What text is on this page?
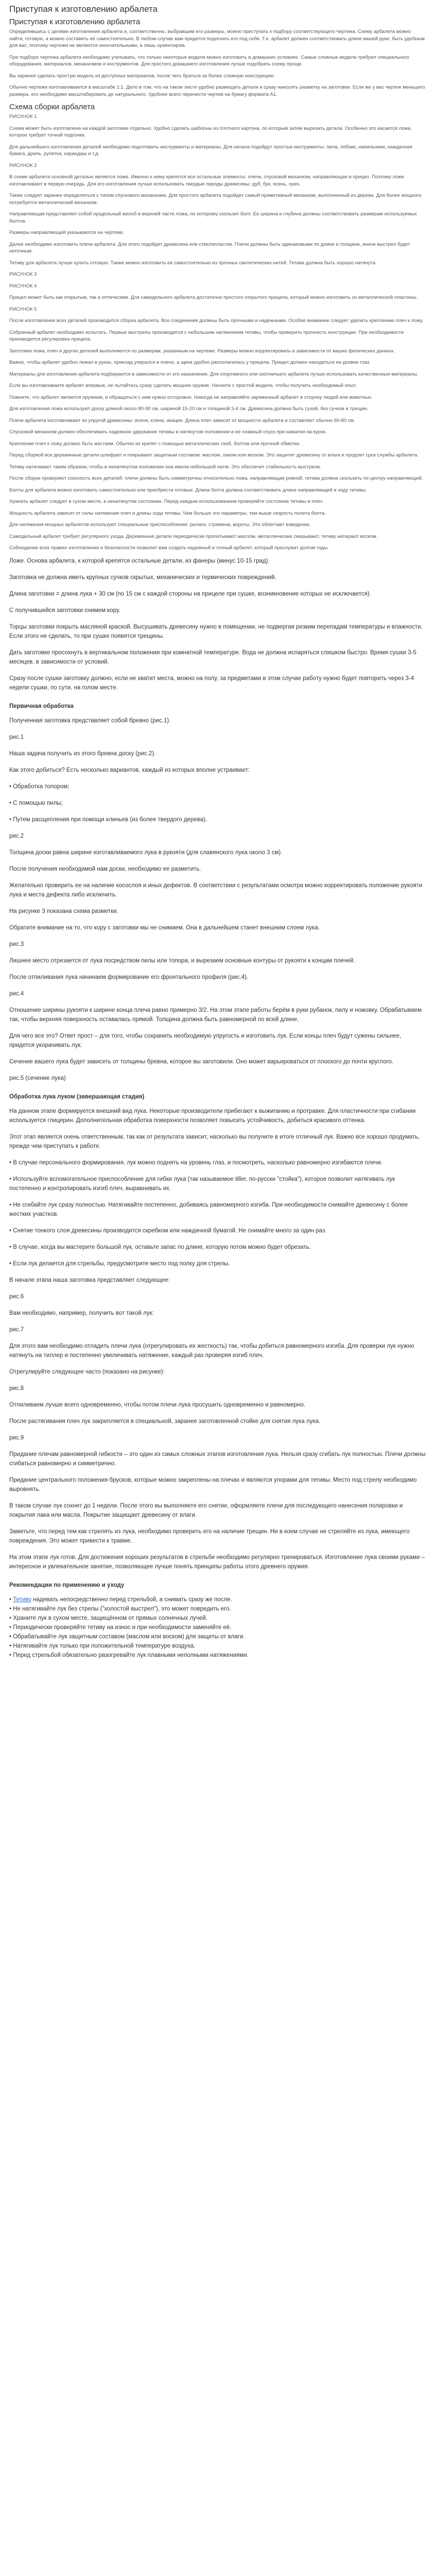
Приступая к изготовлению арбалета
Приступая к изготовлению арбалета

Определившись с целями изготовления арбалета и, соответственно, выбравшим его размеры, можно приступать к подбору соответствующего чертежа. Схему арбалета можно найти, готовую, а можно составить её самостоятельно. В любом случае вам придется подогнать его под себя. Т.е. арбалет должен соответствовать длине вашей руки, быть удобным для вас, поэтому чертежи не являются окончательными, а лишь ориентиром.

При подборе чертежа арбалета необходимо учитывать, что только некоторые модели можно изготовить в домашних условиях. Самые сложные модели требуют специального оборудования, материалов, механизмов и инструментов. Для простого домашнего изготовления лучше подобрать схему проще.

Вы заранее сделать простую модель из доступных материалов, после чего браться за более сложную конструкцию.

Обычно чертежи изготавливаются в масштабе 1:1. Дело в том, что на таком листе удобно размещать детали и сразу наносить разметку на заготовки. Если же у вас чертеж меньшего размера, его необходимо масштабировать до натурального. Удобнее всего перенести чертеж на бумагу формата А1.

Схема сборки арбалета

РИСУНОК 1

Схема может быть изготовлена на каждой заготовке отдельно. Удобно сделать шаблоны из плотного картона, по которым затем вырезать детали. Особенно это касается ложа, которое требует точной подгонки.

Для дальнейшего изготовления деталей необходимо подготовить инструменты и материалы. Для начала подойдут простые инструменты: пила, лобзик, напильники, наждачная бумага, дрель, рулетка, карандаш и т.д.

РИСУНОК 2

В схеме арбалета основной деталью является ложе. Именно к нему крепятся все остальные элементы: плечи, спусковой механизм, направляющая и прицел. Поэтому ложе изготавливают в первую очередь. Для его изготовления лучше использовать твердые породы древесины: дуб, бук, ясень, орех.

Также следует заранее определиться с типом спускового механизма. Для простого арбалета подойдет самый примитивный механизм, выполненный из дерева. Для более мощного потребуется металлический механизм.

Направляющая представляет собой продольный желоб в верхней части ложа, по которому скользит болт. Ее ширина и глубина должны соответствовать размерам используемых болтов.

Размеры направляющей указываются на чертеже.

Далее необходимо изготовить плечи арбалета. Для этого подойдет древесина или стеклопластик. Плечи должны быть одинаковыми по длине и толщине, иначе выстрел будет неточным.

Тетиву для арбалета лучше купить готовую. Также можно изготовить ее самостоятельно из прочных синтетических нитей. Тетива должна быть хорошо натянута.

РИСУНОК 3

РИСУНОК 4

Прицел может быть как открытым, так и оптическим. Для самодельного арбалета достаточно простого открытого прицела, который можно изготовить из металлической пластины.

РИСУНОК 5

После изготовления всех деталей производится сборка арбалета. Все соединения должны быть прочными и надежными. Особое внимание следует уделить креплению плеч к ложу.

Собранный арбалет необходимо испытать. Первые выстрелы производятся с небольшим натяжением тетивы, чтобы проверить прочность конструкции. При необходимости производится регулировка прицела.

Заготовки ложа, плеч и других деталей выполняются по размерам, указанным на чертеже. Размеры можно корректировать в зависимости от ваших физических данных.

Важно, чтобы арбалет удобно лежал в руках, приклад упирался в плечо, а щека удобно располагалась у прицела. Прицел должен находиться на уровне глаз.

Материалы для изготовления арбалета подбираются в зависимости от его назначения. Для спортивного или охотничьего арбалета лучше использовать качественные материалы.

Если вы изготавливаете арбалет впервые, не пытайтесь сразу сделать мощное оружие. Начните с простой модели, чтобы получить необходимый опыт.

Помните, что арбалет является оружием, и обращаться с ним нужно осторожно. Никогда не направляйте заряженный арбалет в сторону людей или животных.

Для изготовления ложа используют доску длиной около 80-90 см, шириной 15-20 см и толщиной 3-4 см. Древесина должна быть сухой, без сучков и трещин.

Плечи арбалета изготавливают из упругой древесины: ясеня, клена, акации. Длина плеч зависит от мощности арбалета и составляет обычно 60-80 см.

Спусковой механизм должен обеспечивать надежное удержание тетивы в натянутом положении и ее плавный спуск при нажатии на курок.

Крепление плеч к ложу должно быть жестким. Обычно их крепят с помощью металлических скоб, болтов или прочной обмотки.

Перед сборкой все деревянные детали шлифуют и покрывают защитным составом: маслом, лаком или воском. Это защитит древесину от влаги и продлит срок службы арбалета.

Тетиву натягивают таким образом, чтобы в ненатянутом положении она имела небольшой натяг. Это обеспечит стабильность выстрела.

После сборки проверяют соосность всех деталей: плечи должны быть симметричны относительно ложа, направляющая ровной, тетива должна скользить по центру направляющей.

Болты для арбалета можно изготовить самостоятельно или приобрести готовые. Длина болта должна соответствовать длине направляющей и ходу тетивы.

Хранить арбалет следует в сухом месте, в ненатянутом состоянии. Перед каждым использованием проверяйте состояние тетивы и плеч.

Мощность арбалета зависит от силы натяжения плеч и длины хода тетивы. Чем больше эти параметры, тем выше скорость полета болта.

Для натяжения мощных арбалетов используют специальные приспособления: рычаги, стремена, вороты. Это облегчает взведение.

Самодельный арбалет требует регулярного ухода. Деревянные детали периодически пропитывают маслом, металлические смазывают, тетиву натирают воском.

Соблюдение всех правил изготовления и безопасности позволит вам создать надежный и точный арбалет, который прослужит долгие годы.

Ложе. Основа арбалета, к которой крепятся остальные детали, из фанеры (минус 10-15 град).

Заготовка не должна иметь крупных сучков скрытых, механических и термических повреждений.

Длина заготовки = длина лука + 30 см (по 15 см с каждой стороны на прицеле при сушке, возникновение которых не исключается).

С получившейся заготовки снимем кору.

Торцы заготовки покрыть масляной краской. Высушивать древесину нужно в помещении, не подвергая резким перепадам температуры и влажности. Если этого не сделать, то при сушке появятся трещины.

Дать заготовке просохнуть в вертикальном положении при комнатной температуре. Вода не должна испаряться слишком быстро. Время сушки 3-5 месяцев, в зависимости от условий.

Сразу после сушки заготовку должно, если не хватит места, можно на полу, за предметами в этом случае работу нужно будет повторить через 3-4 недели сушки, по сути, на голом месте.

Первичная обработка

Полученная заготовка представляет собой бревно (рис.1).

рис.1

Наша задача получить из этого бревна доску (рис.2).

Как этого добиться? Есть несколько вариантов, каждый из которых вполне устраивает:

• Обработка топором;

• С помощью пилы;

• Путем расщепления при помощи клиньев (из более твердого дерева).

рис.2

Толщина доски равна ширине изготавливаемого лука в рукояти (для славянского лука около 3 см).

После получения необходимой нам доски, необходимо ее разметить.

Желательно проверить ее на наличие косослоя и иных дефектов. В соответствии с результатами осмотра можно корректировать положение рукояти лука и места дефекта либо исключить.

На рисунке 3 показана схема разметки.

Обратите внимание на то, что кору с заготовки мы не снимаем. Она в дальнейшем станет внешним слоем лука.

рис.3

Лишнее место отрезается от лука посредством пилы или топора, и вырезаем основные контуры от рукояти к концам плечей.

После отпиливания лука начинаем формирование его фронтального профиля (рис.4).

рис.4

Отношение ширины рукояти к ширине конца плеча равно примерно 3/2. На этом этапе работы берём в руки рубанок, пилу и ножовку. Обрабатываем так, чтобы верхняя поверхность оставалась прямой. Толщина должна быть равномерной по всей длине.

Для чего все это? Ответ прост – для того, чтобы сохранить необходимую упругость и изготовить лук. Если концы плеч будут сужены сильнее, придется укорачивать лук.

Сечение вашего лука будет зависеть от толщины бревна, которое вы заготовили. Оно может варьироваться от плоского до почти круглого.

рис.5 (сечение лука)

Обработка лука луком (завершающая стадия)

На данном этапе формируется внешний вид лука. Некоторые производители прибегают к выжиганию и протравке. Для пластичности при сгибании используется глицерин. Дополнительная обработка поверхности позволяет повысить устойчивость, добиться красивого оттенка.

Этот этап является очень ответственным, так как от результата зависит, насколько вы получите в итоге отличный лук. Важно все хорошо продумать, прежде чем приступать к работе.

• В случае персонального формирования, лук можно поднять на уровень глаз, и посмотреть, насколько равномерно изгибаются плечи.

• Используйте вспомогательное приспособление для гибки лука (так называемое tiller, по-русски "стойка"), которое позволит натягивать лук постепенно и контролировать изгиб плеч, выравнивать их.

• Не сгибайте лук сразу полностью. Натягивайте постепенно, добиваясь равномерного изгиба. При необходимости снимайте древесину с более жестких участков.

• Снятие тонкого слоя древесины производится скребком или наждачной бумагой. Не снимайте много за один раз.

• В случае, когда вы мастерите большой лук, оставьте запас по длине, которую потом можно будет обрезать.

• Если лук делается для стрельбы, предусмотрите место под полку для стрелы.

В начале этапа наша заготовка представляет следующее:

рис.6

Вам необходимо, например, получить вот такой лук:

рис.7

Для этого вам необходимо отладить плечи лука (отрегулировать их жесткость) так, чтобы добиться равномерного изгиба. Для проверки лук нужно натянуть на тиллер и постепенно увеличивать натяжение, каждый раз проверяя изгиб плеч.

Отрегулируйте следующее часто (показано на рисунке):

рис.8

Отпиливаем лучше всего одновременно, чтобы потом плечи лука просушить одновременно и равномерно.

После растягивания плеч лук закрепляется в специальной, заранее заготовленной стойке для снятия лука лука.

рис.9

Придание плечам равномерной гибкости – это один из самых сложных этапов изготовления лука. Нельзя сразу сгибать лук полностью. Плечи должны сгибаться равномерно и симметрично.

Придание центрального положения брусков, которые можно закреплены на плечах и являются упорами для тетивы. Место под стрелу необходимо выровнять.

В таком случае лук сохнет до 1 недели. После этого вы выполняете его снятие, оформляете плечи для последующего нанесения полировки и покрытия лака или масла. Покрытие защищает древесину от влаги.

Заметьте, что перед тем как стрелять из лука, необходимо проверить его на наличие трещин. Ни в коем случае не стреляйте из лука, имеющего повреждения. Это может привести к травме.

На этом этапе лук готов. Для достижения хороших результатов в стрельбе необходимо регулярно тренироваться. Изготовление лука своими руками – интересное и увлекательное занятие, позволяющее лучше понять принципы работы этого древнего оружия.

Рекомендации по применению и уходу

• Тетиву надевать непосредственно перед стрельбой, а снимать сразу же после.
• Не натягивайте лук без стрелы ("холостой выстрел"), это может повредить его.
• Храните лук в сухом месте, защищённом от прямых солнечных лучей.
• Периодически проверяйте тетиву на износ и при необходимости заменяйте её.
• Обрабатывайте лук защитным составом (маслом или воском) для защиты от влаги.
• Натягивайте лук только при положительной температуре воздуха.
• Перед стрельбой обязательно разогревайте лук плавными неполными натяжениями.
